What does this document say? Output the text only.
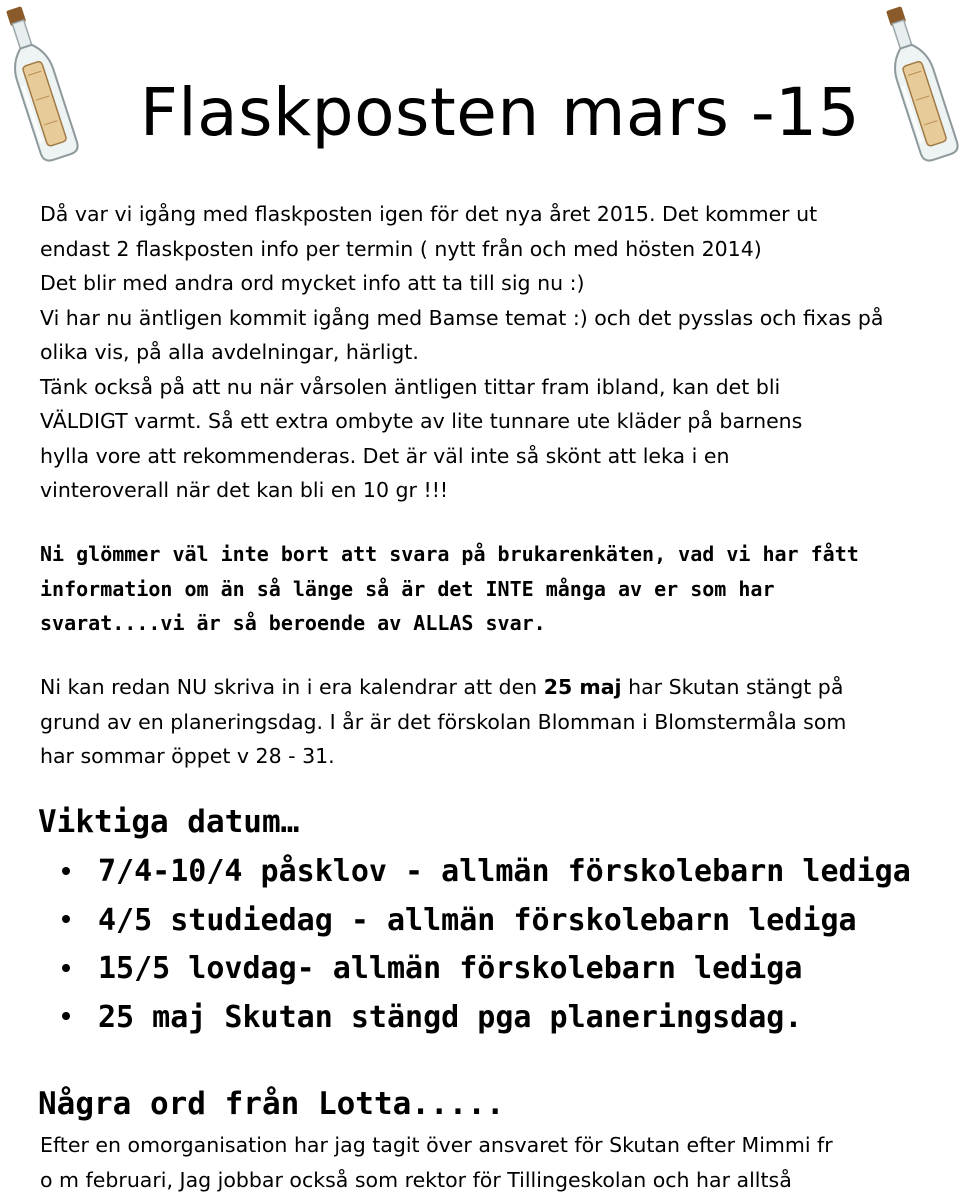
Flaskposten mars -15
Då var vi igång med flaskposten igen för det nya året 2015. Det kommer ut
endast 2 flaskposten info per termin ( nytt från och med hösten 2014)
Det blir med andra ord mycket info att ta till sig nu :)
Vi har nu äntligen kommit igång med Bamse temat :) och det pysslas och fixas på
olika vis, på alla avdelningar, härligt.
Tänk också på att nu när vårsolen äntligen tittar fram ibland, kan det bli
VÄLDIGT varmt. Så ett extra ombyte av lite tunnare ute kläder på barnens
hylla vore att rekommenderas. Det är väl inte så skönt att leka i en
vinteroverall när det kan bli en 10 gr !!!
Ni glömmer väl inte bort att svara på brukarenkäten, vad vi har fått
information om än så länge så är det INTE många av er som har
svarat....vi är så beroende av ALLAS svar.
Ni kan redan NU skriva in i era kalendrar att den 25 maj har Skutan stängt på
grund av en planeringsdag. I år är det förskolan Blomman i Blomstermåla som
har sommar öppet v 28 - 31.
Viktiga datum…
7/4-10/4 påsklov - allmän förskolebarn lediga
4/5 studiedag - allmän förskolebarn lediga
15/5 lovdag- allmän förskolebarn lediga
25 maj Skutan stängd pga planeringsdag.
Några ord från Lotta.....
Efter en omorganisation har jag tagit över ansvaret för Skutan efter Mimmi fr
o m februari, Jag jobbar också som rektor för Tillingeskolan och har alltså
